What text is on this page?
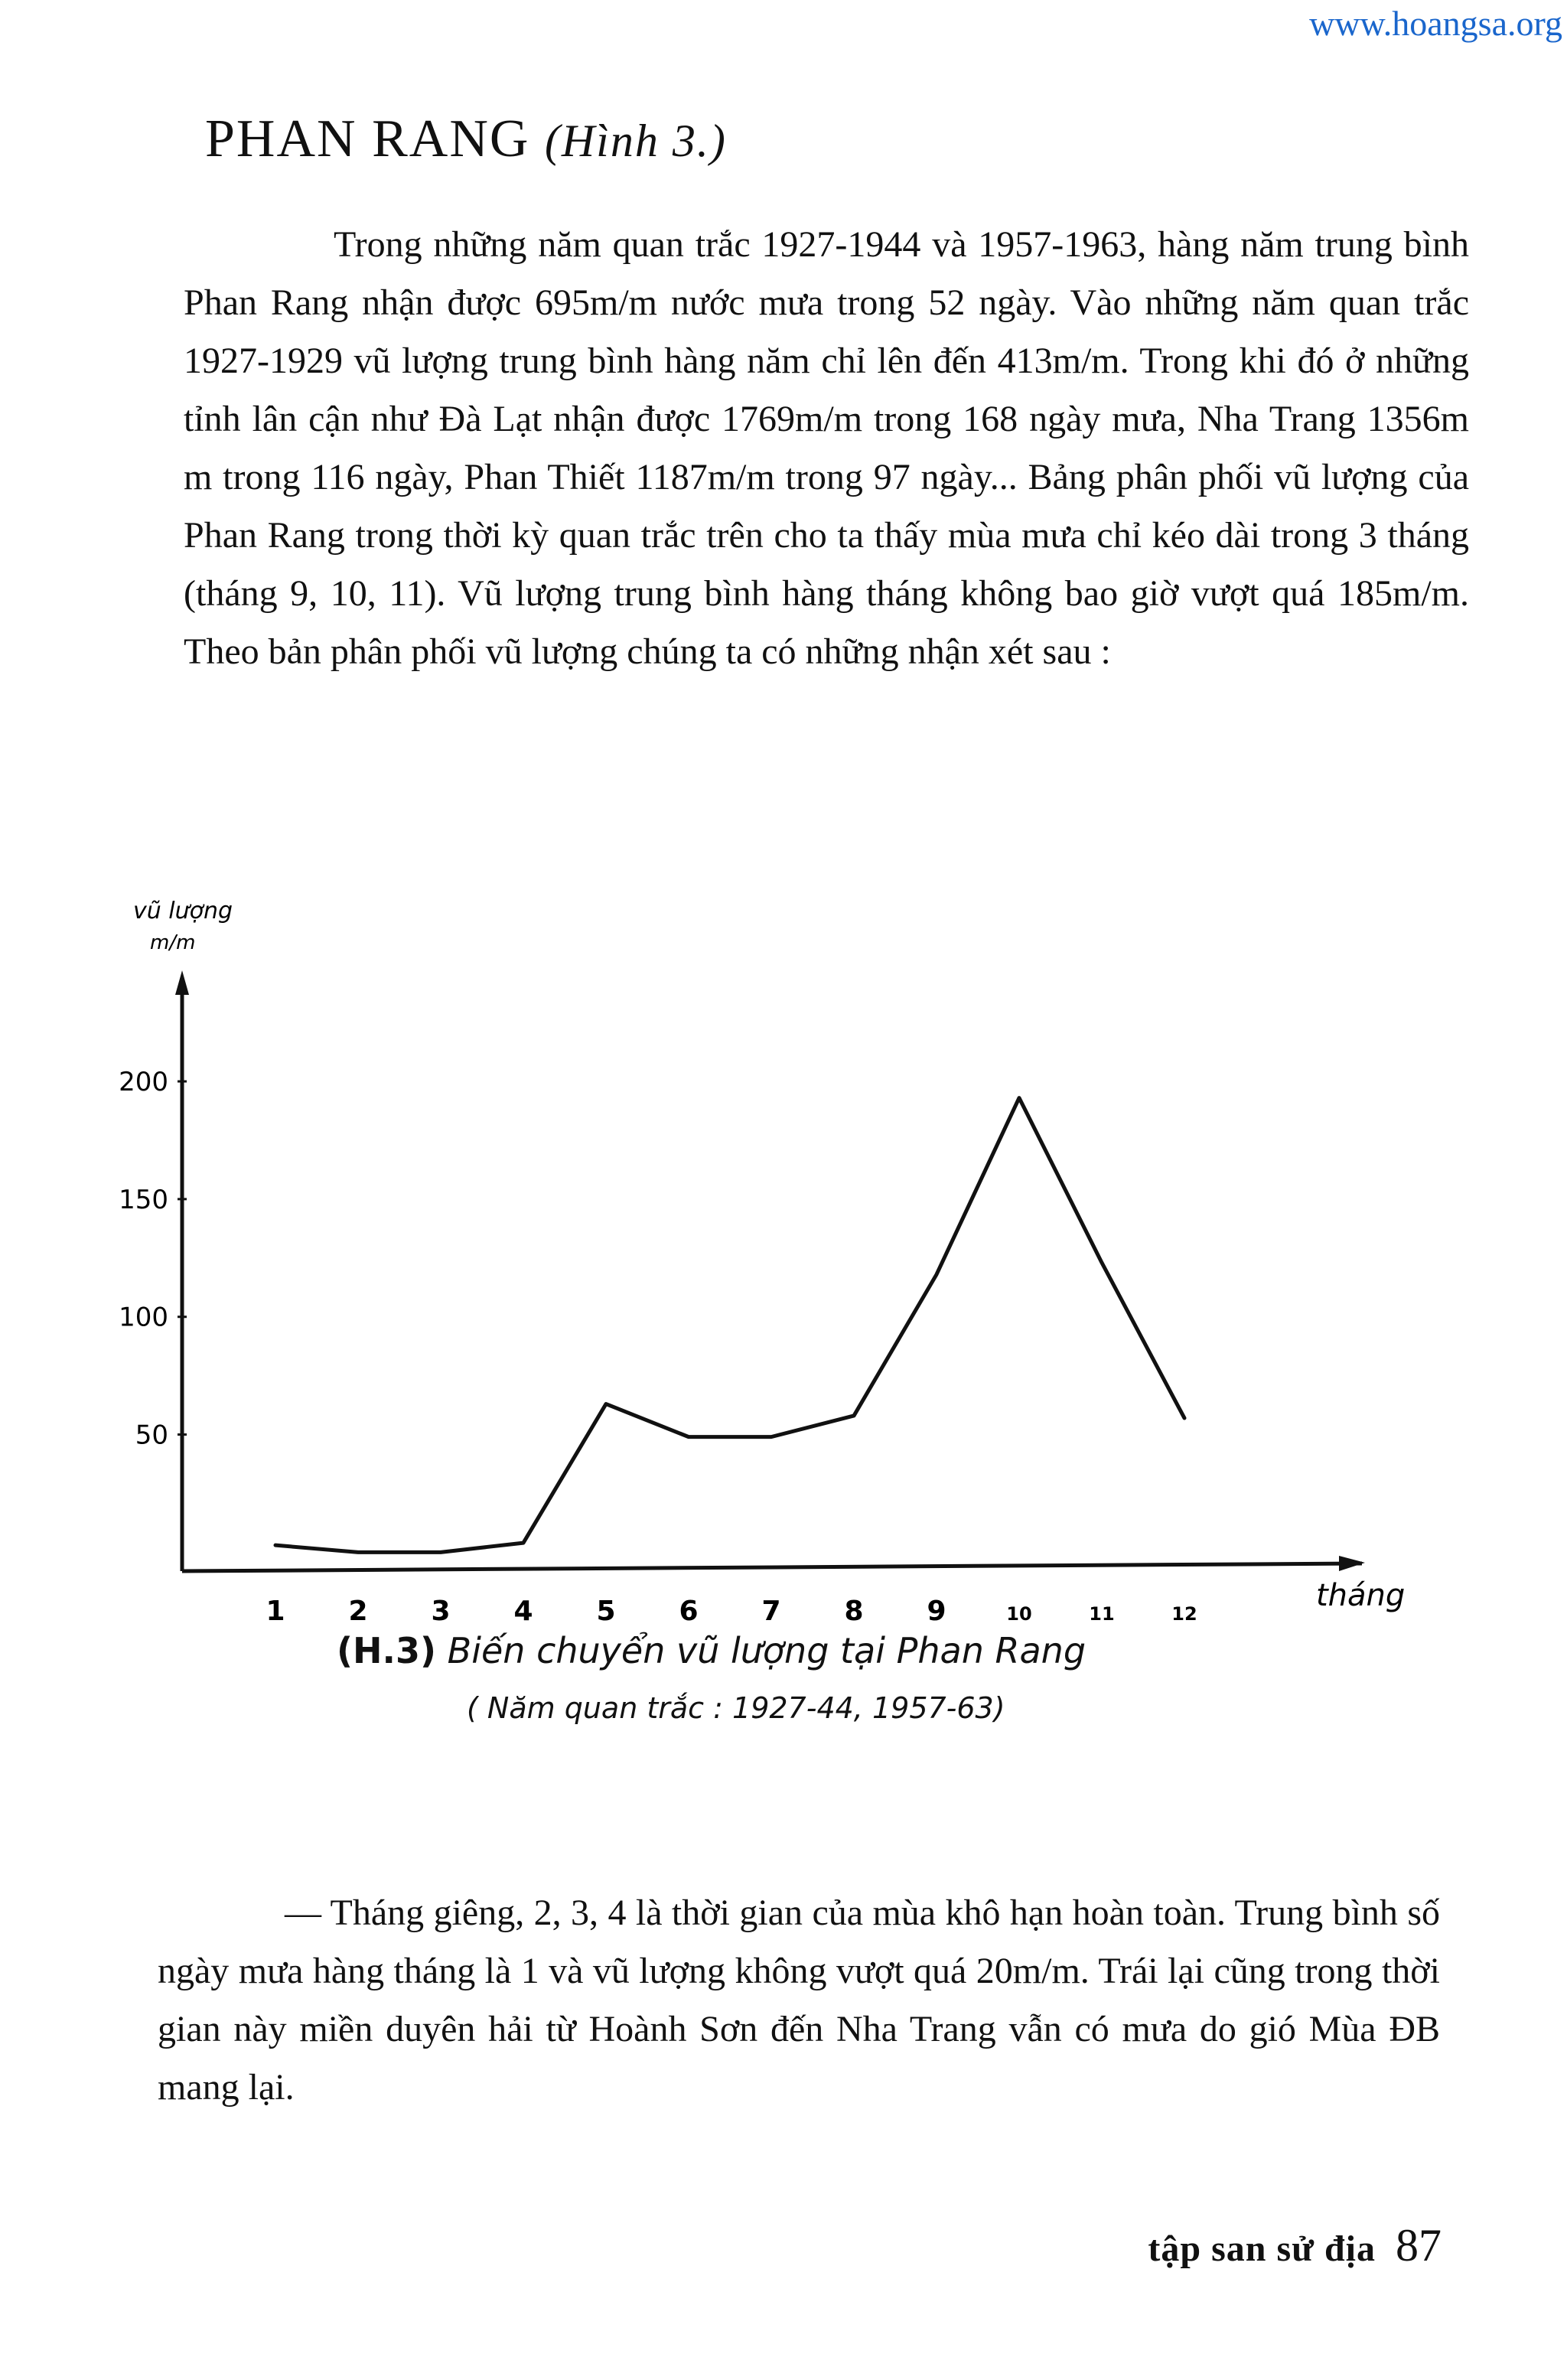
www.hoangsa.org
PHAN RANG (Hình 3.)

Trong những năm quan trắc 1927-1944 và 1957-1963, hàng năm trung bình Phan Rang nhận được 695m/m nước mưa trong 52 ngày. Vào những năm quan trắc 1927-1929 vũ lượng trung bình hàng năm chỉ lên đến 413m/m. Trong khi đó ở những tỉnh lân cận như Đà Lạt nhận được 1769m/m trong 168 ngày mưa, Nha Trang 1356m m trong 116 ngày, Phan Thiết 1187m/m trong 97 ngày... Bảng phân phối vũ lượng của Phan Rang trong thời kỳ quan trắc trên cho ta thấy mùa mưa chỉ kéo dài trong 3 tháng (tháng 9, 10, 11). Vũ lượng trung bình hàng tháng không bao giờ vượt quá 185m/m. Theo bản phân phối vũ lượng chúng ta có những nhận xét sau :

vũ lượng
m/m
tháng
200
150
100
50
1 2 3 4 5 6 7 8 9	10	11	12
(H.3) Biến chuyển vũ lượng tại Phan Rang
( Năm quan trắc : 1927-44, 1957-63)

— Tháng giêng, 2, 3, 4 là thời gian của mùa khô hạn hoàn toàn. Trung bình số ngày mưa hàng tháng là 1 và vũ lượng không vượt quá 20m/m. Trái lại cũng trong thời gian này miền duyên hải từ Hoành Sơn đến Nha Trang vẫn có mưa do gió Mùa ĐB mang lại.

tập san sử địa 87
